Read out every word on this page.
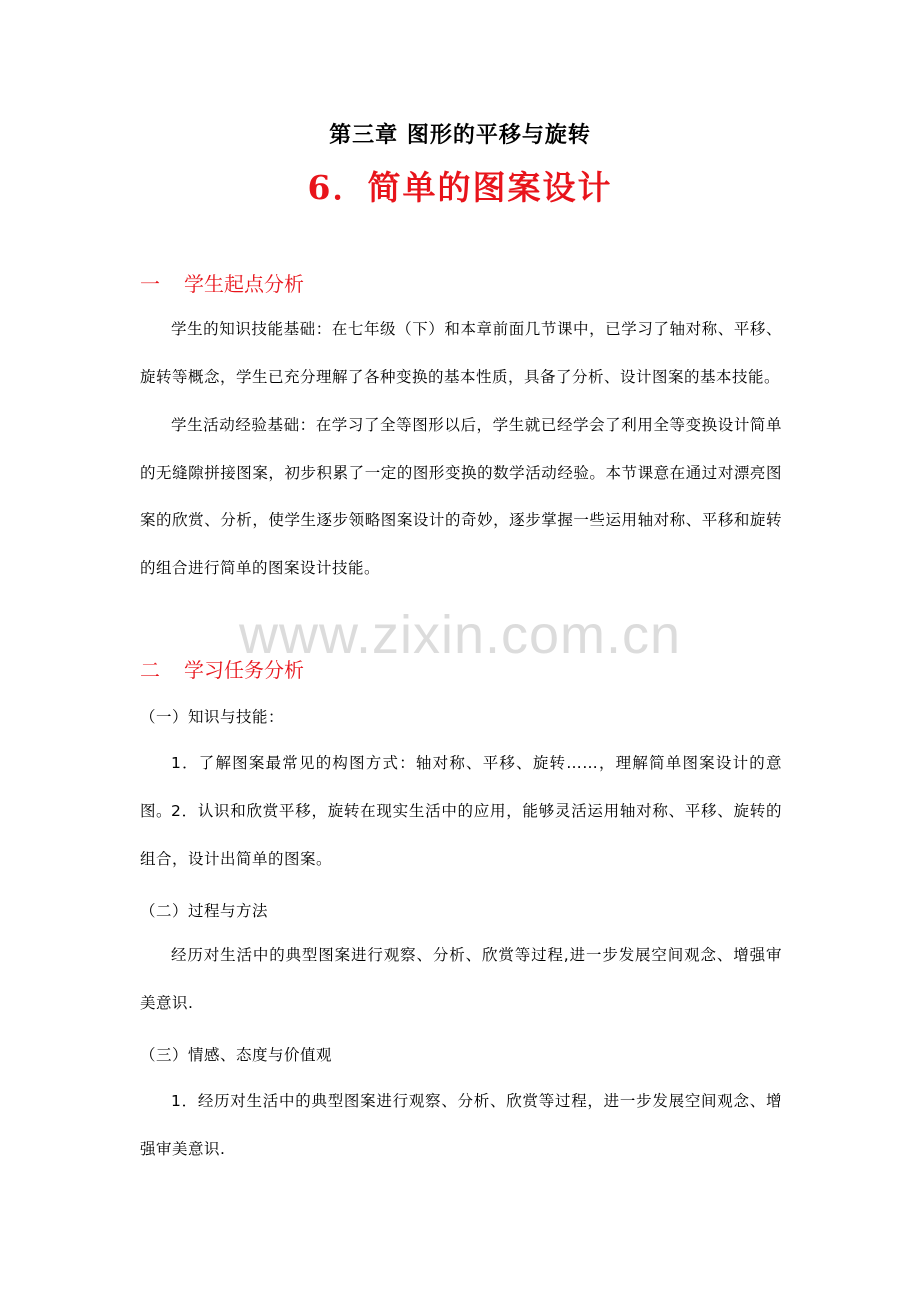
第三章 图形的平移与旋转
6．简单的图案设计
一 学生起点分析
学生的知识技能基础：在七年级（下）和本章前面几节课中，已学习了轴对称、平移、旋转等概念，学生已充分理解了各种变换的基本性质，具备了分析、设计图案的基本技能。
学生活动经验基础：在学习了全等图形以后，学生就已经学会了利用全等变换设计简单的无缝隙拼接图案，初步积累了一定的图形变换的数学活动经验。本节课意在通过对漂亮图案的欣赏、分析，使学生逐步领略图案设计的奇妙，逐步掌握一些运用轴对称、平移和旋转的组合进行简单的图案设计技能。
www.zixin.com.cn
二 学习任务分析
（一）知识与技能：
1．了解图案最常见的构图方式：轴对称、平移、旋转……，理解简单图案设计的意图。
2．认识和欣赏平移，旋转在现实生活中的应用，能够灵活运用轴对称、平移、旋转的组合，设计出简单的图案。
（二）过程与方法
经历对生活中的典型图案进行观察、分析、欣赏等过程,进一步发展空间观念、增强审美意识.
（三）情感、态度与价值观
1．经历对生活中的典型图案进行观察、分析、欣赏等过程，进一步发展空间观念、增强审美意识.
